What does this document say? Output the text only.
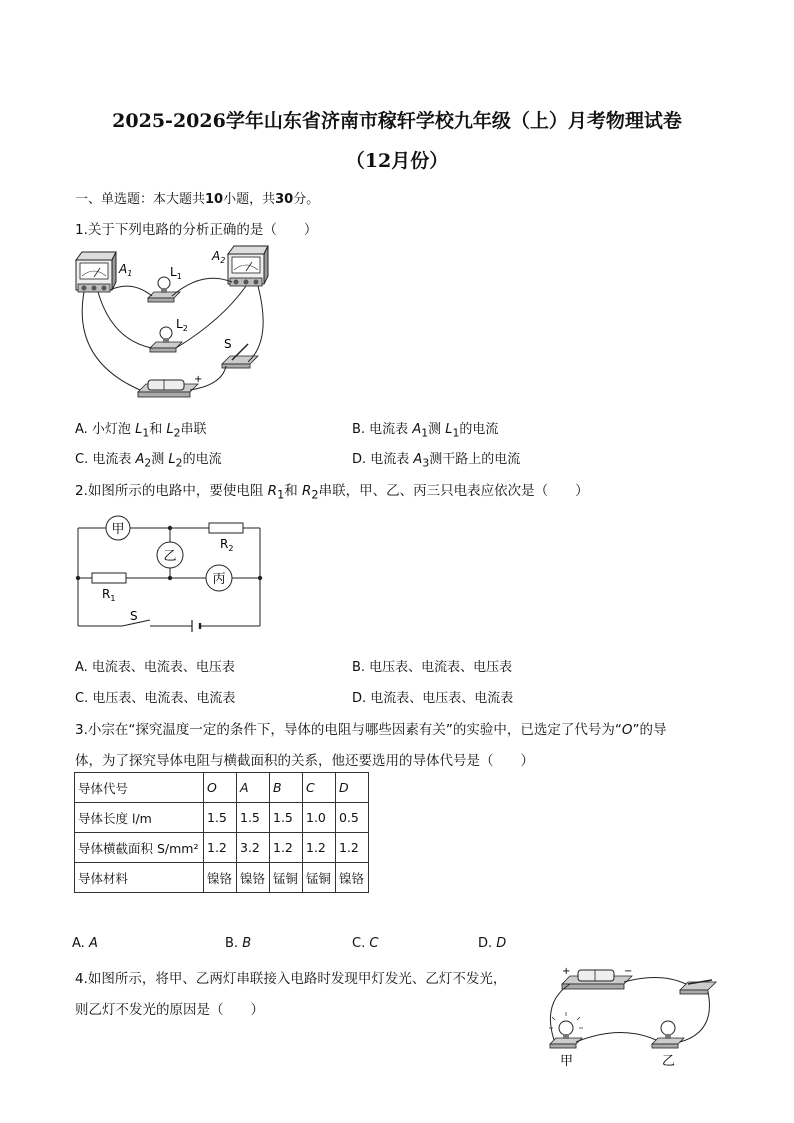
2025-2026学年山东省济南市稼轩学校九年级（上）月考物理试卷
（12月份）
一、单选题：本大题共10小题，共30分。
1.关于下列电路的分析正确的是（　　）
$A_1$	$L_1$
$A_2$
$L_2$
S
+
A. 小灯泡 $L_1$和 $L_2$串联	B. 电流表 $A_1$测 $L_1$的电流
C. 电流表 $A_2$测 $L_2$的电流	D. 电流表 $A_3$测干路上的电流
2.如图所示的电路中，要使电阻 $R_1$和 $R_2$串联，甲、乙、丙三只电表应依次是（　　）
甲
$R_2$
乙
$R_1$
丙
S
A. 电流表、电流表、电压表	B. 电压表、电流表、电压表
C. 电压表、电流表、电流表	D. 电流表、电压表、电流表
3.小宗在“探究温度一定的条件下，导体的电阻与哪些因素有关”的实验中，已选定了代号为“O”的导
体，为了探究导体电阻与横截面积的关系，他还要选用的导体代号是（　　）
导体代号	O	A	B	C	D
导体长度 l/m	1.5	1.5	1.5	1.0	0.5
导体横截面积 S/mm²	1.2	3.2	1.2	1.2	1.2
导体材料	镍铬	镍铬	锰铜	锰铜	镍铬
A. A	B. B	C. C	D. D
4.如图所示，将甲、乙两灯串联接入电路时发现甲灯发光、乙灯不发光，
则乙灯不发光的原因是（　　）
+	−
甲	乙
